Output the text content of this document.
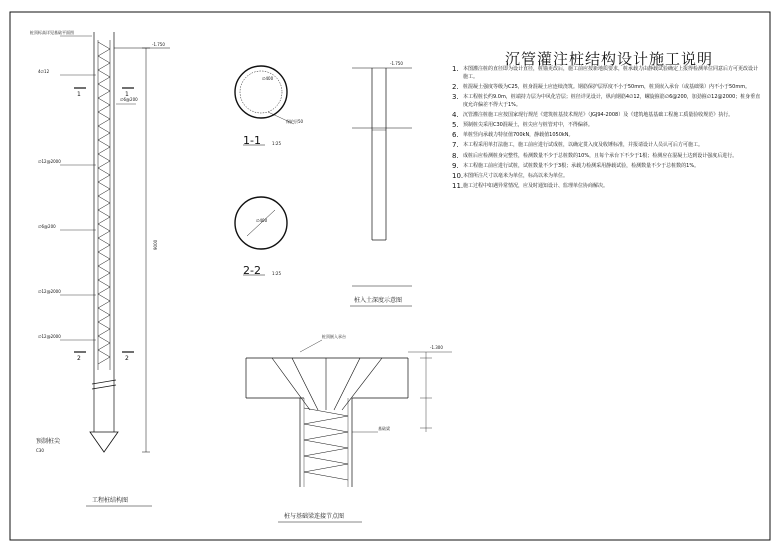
桩顶标高详见基础平面图
-1.750
4∅12
∅6@200
∅12@2000
∅6@200
∅12@2000
∅12@2000
9000
1	1
2	2
预制桩尖
C30
工程桩结构图
保护层50
∅400
1-1	1:25
∅400
2-2	1:25
-1.750
桩入土深度示意图
-1.300
桩顶嵌入承台
基础梁
桩与基础梁连接节点图
沉管灌注桩结构设计施工说明
1. 本图灌注桩的直径即为设计直径，桩锚更改后，施工前应按新地质要求，桩承载力由静载试验确定上报得检测单位同意后方可更改设计施工。
2. 桩混凝土强度等级为C25，桩身混凝土应连续浇筑。钢筋保护层厚度不小于50mm，桩顶嵌入承台（或基础梁）内不小于50mm。
3. 本工程桩长约9.0m，桩端持力层为中风化岩层；桩径详见设计，纵向钢筋4∅12，螺旋箍筋∅6@200，加劲箍∅12@2000；桩身垂直度允许偏差不得大于1%。
4. 沉管灌注桩施工应按国家现行规范《建筑桩基技术规范》（JGJ94-2008）及《建筑地基基础工程施工质量验收规范》执行。
5. 预制桩尖采用C30混凝土，桩尖应与桩管对中，不得偏斜。
6. 单桩竖向承载力特征值700kN，静载值1050kN。
7. 本工程采用单打法施工，施工前应进行试成桩，以确定贯入度及收锤标准，并报请设计人员认可后方可施工。
8. 成桩后应检测桩身完整性，检测数量不少于总桩数的10%，且每个承台下不少于1根；检测应在混凝土达到设计强度后进行。
9. 本工程施工前应进行试桩，试桩数量不少于3根；承载力检测采用静载试验，检测数量不少于总桩数的1%。
10. 本图所注尺寸以毫米为单位，标高以米为单位。
11. 施工过程中如遇异常情况，应及时通知设计、监理单位协商解决。
